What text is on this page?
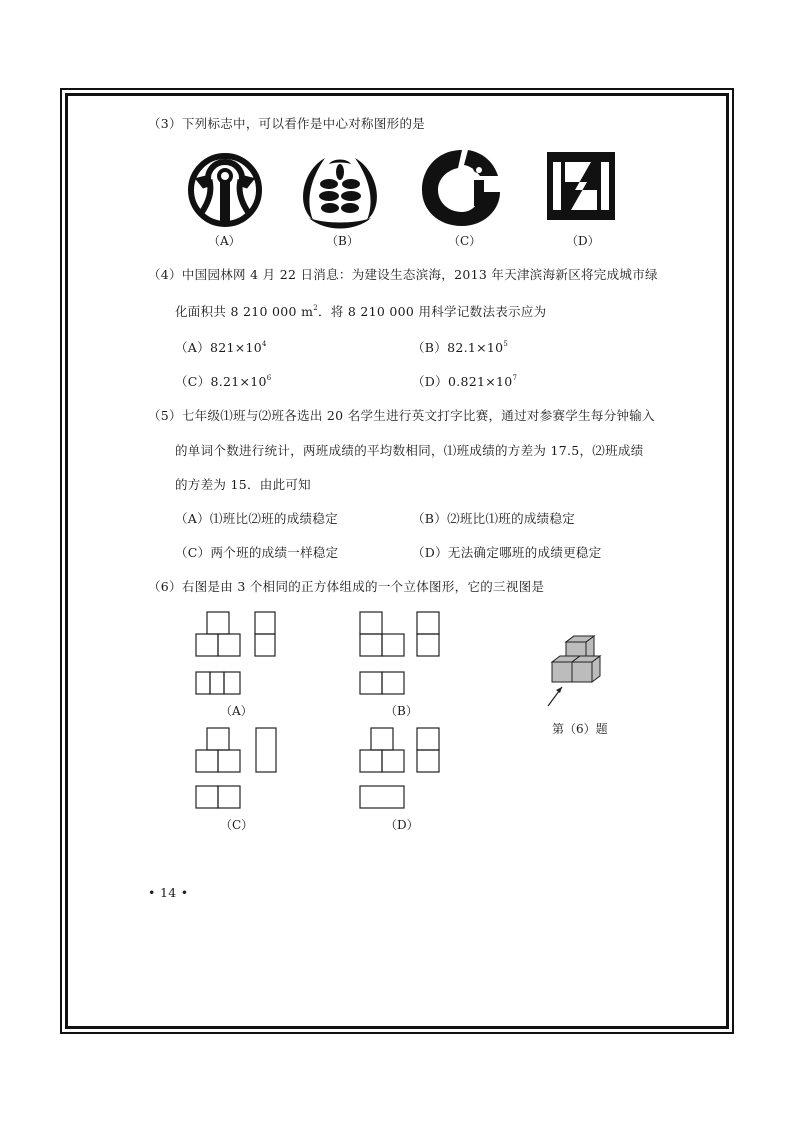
（3）下列标志中，可以看作是中心对称图形的是
（A）	（B）	（C）	（D）
（4）中国园林网 4 月 22 日消息：为建设生态滨海，2013 年天津滨海新区将完成城市绿
化面积共 8 210 000 $m^2$．将 8 210 000 用科学记数法表示应为
$(A)821\times 10^4$	$(B)82.1\times 10^5$
$(C)8.21\times 10^6$	$(D)0.821\times 10^7$
（5）七年级⑴班与⑵班各选出 20 名学生进行英文打字比赛，通过对参赛学生每分钟输入
的单词个数进行统计，两班成绩的平均数相同，⑴班成绩的方差为 17.5，⑵班成绩
的方差为 15．由此可知
（A）⑴班比⑵班的成绩稳定	（B）⑵班比⑴班的成绩稳定
（C）两个班的成绩一样稳定	（D）无法确定哪班的成绩更稳定
（6）右图是由 3 个相同的正方体组成的一个立体图形，它的三视图是
（A）	（B）
（C）	（D）
第（6）题
• 14 •
